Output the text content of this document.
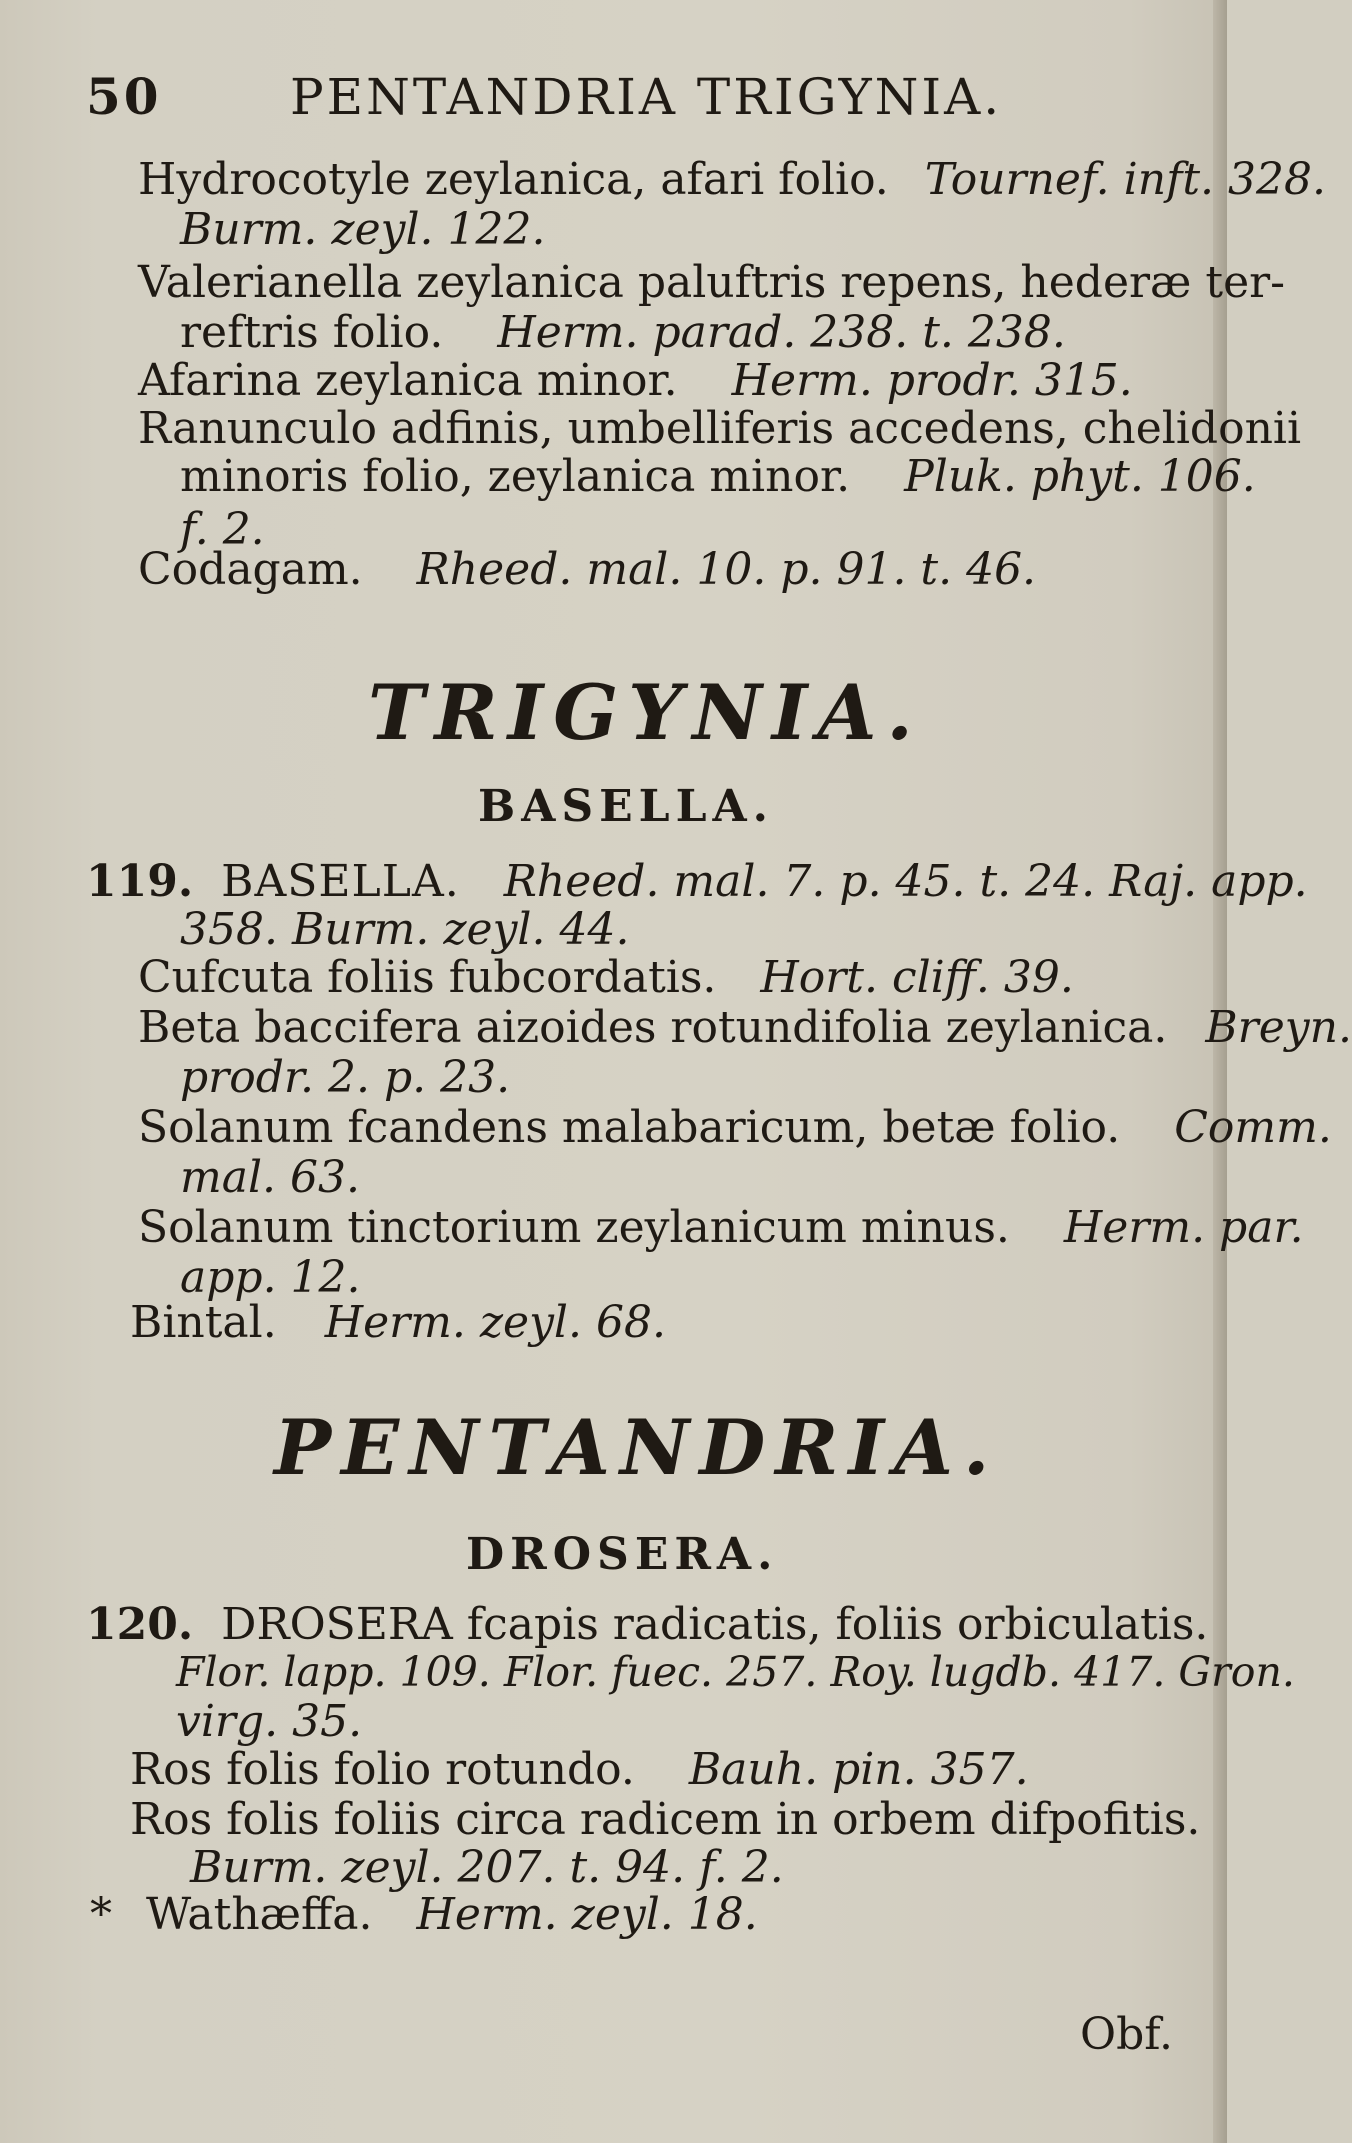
50	PENTANDRIA TRIGYNIA.
Hydrocotyle zeylanica, afari folio. Tournef. inft. 328.
Burm. zeyl. 122.
Valerianella zeylanica paluftris repens, hederæ ter-
reftris folio. Herm. parad. 238. t. 238.
Afarina zeylanica minor. Herm. prodr. 315.
Ranunculo adfinis, umbelliferis accedens, chelidonii
minoris folio, zeylanica minor. Pluk. phyt. 106.
f. 2.
Codagam. Rheed. mal. 10. p. 91. t. 46.
TRIGYNIA.
BASELLA.
119. BASELLA. Rheed. mal. 7. p. 45. t. 24. Raj. app.
358. Burm. zeyl. 44.
Cufcuta foliis fubcordatis. Hort. cliff. 39.
Beta baccifera aizoides rotundifolia zeylanica. Breyn.
prodr. 2. p. 23.
Solanum fcandens malabaricum, betæ folio. Comm.
mal. 63.
Solanum tinctorium zeylanicum minus. Herm. par.
app. 12.
Bintal. Herm. zeyl. 68.
PENTANDRIA.
DROSERA.
120. DROSERA fcapis radicatis, foliis orbiculatis.
Flor. lapp. 109. Flor. fuec. 257. Roy. lugdb. 417. Gron.
virg. 35.
Ros folis folio rotundo. Bauh. pin. 357.
Ros folis foliis circa radicem in orbem difpofitis.
Burm. zeyl. 207. t. 94. f. 2.
* Wathæffa. Herm. zeyl. 18.
Obf.
